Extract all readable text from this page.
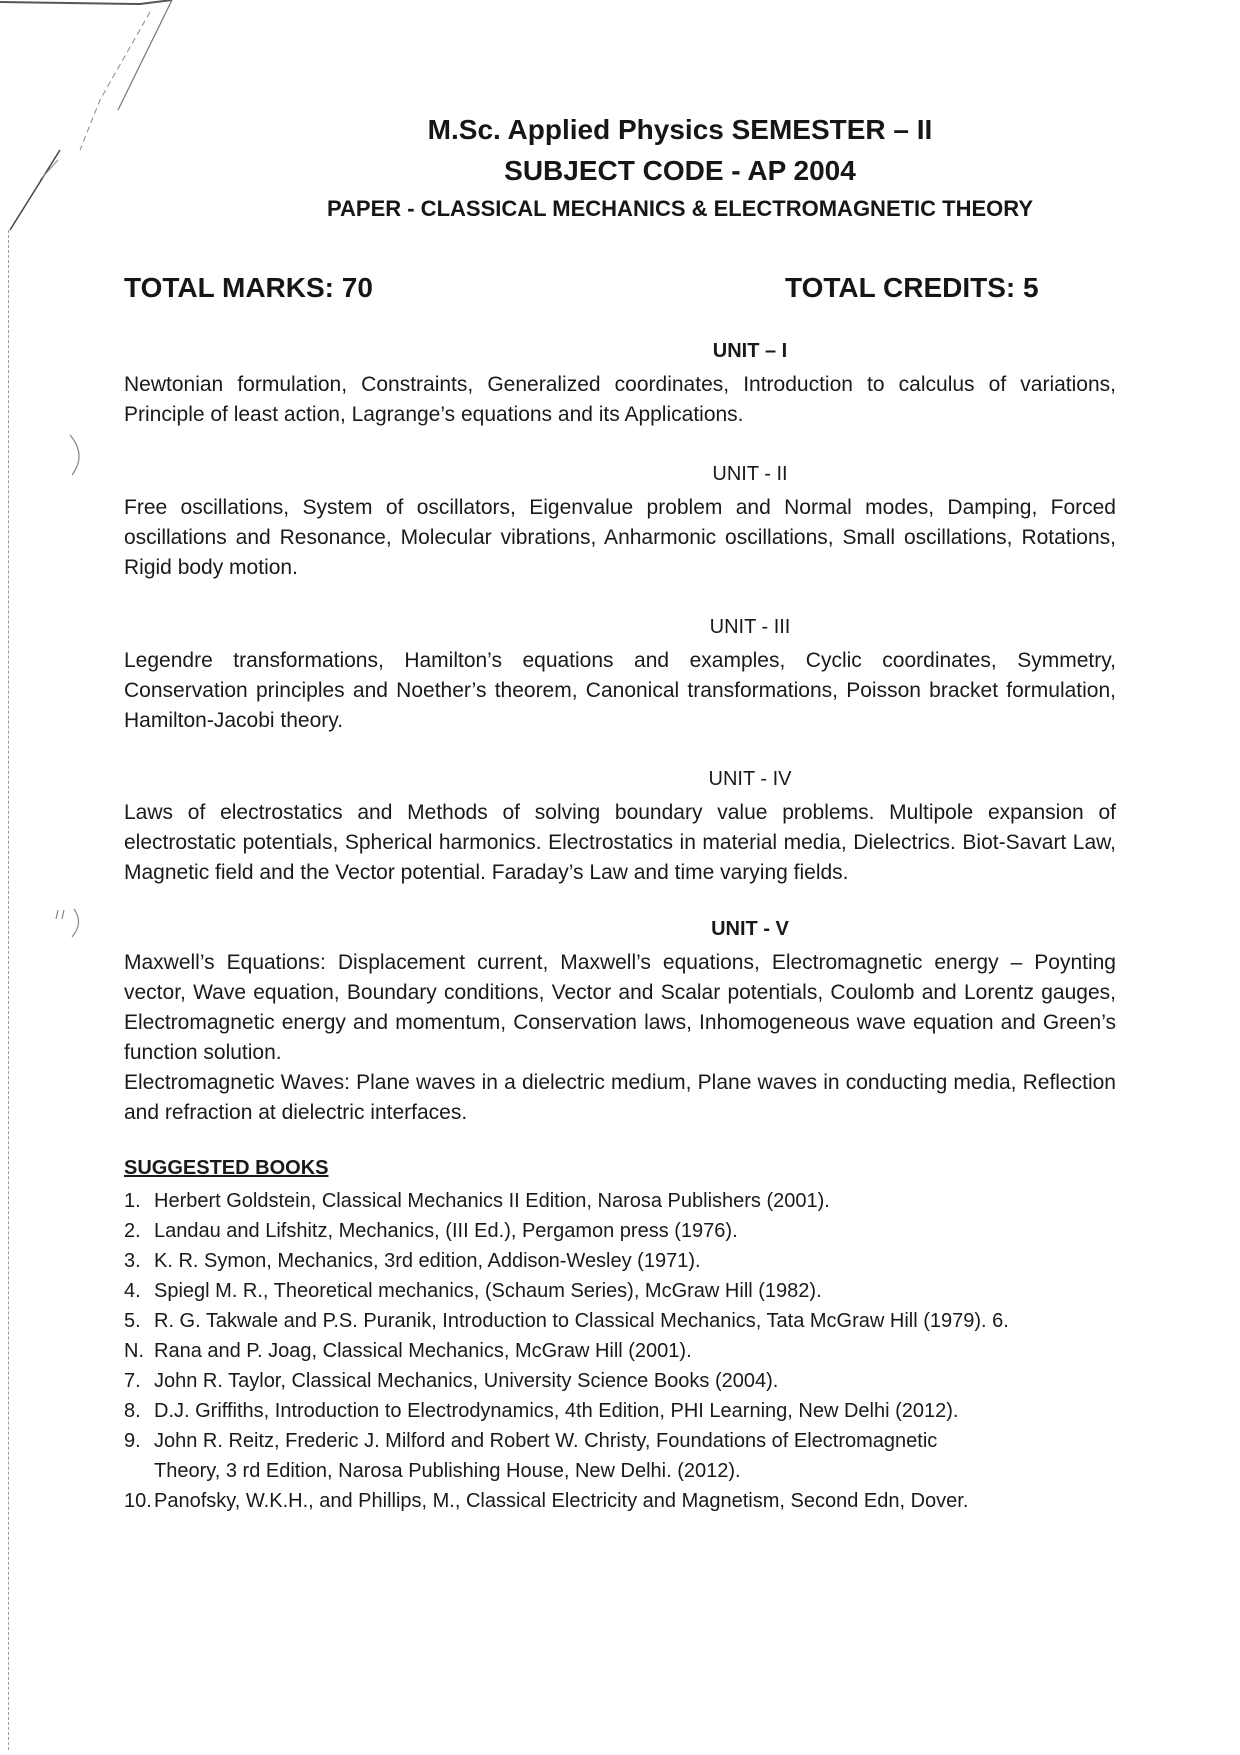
M.Sc. Applied Physics SEMESTER – II
SUBJECT CODE - AP 2004
PAPER - CLASSICAL MECHANICS & ELECTROMAGNETIC THEORY
TOTAL MARKS: 70	TOTAL CREDITS: 5
UNIT – I
Newtonian formulation, Constraints, Generalized coordinates, Introduction to calculus of variations, Principle of least action, Lagrange’s equations and its Applications.
UNIT - II
Free oscillations, System of oscillators, Eigenvalue problem and Normal modes, Damping, Forced oscillations and Resonance, Molecular vibrations, Anharmonic oscillations, Small oscillations, Rotations, Rigid body motion.
UNIT - III
Legendre transformations, Hamilton’s equations and examples, Cyclic coordinates, Symmetry, Conservation principles and Noether’s theorem, Canonical transformations, Poisson bracket formulation, Hamilton-Jacobi theory.
UNIT - IV
Laws of electrostatics and Methods of solving boundary value problems. Multipole expansion of electrostatic potentials, Spherical harmonics. Electrostatics in material media, Dielectrics. Biot-Savart Law, Magnetic field and the Vector potential. Faraday’s Law and time varying fields.
UNIT - V
Maxwell’s Equations: Displacement current, Maxwell’s equations, Electromagnetic energy – Poynting vector, Wave equation, Boundary conditions, Vector and Scalar potentials, Coulomb and Lorentz gauges, Electromagnetic energy and momentum, Conservation laws, Inhomogeneous wave equation and Green’s function solution.
Electromagnetic Waves: Plane waves in a dielectric medium, Plane waves in conducting media, Reflection and refraction at dielectric interfaces.
SUGGESTED BOOKS
1. Herbert Goldstein, Classical Mechanics II Edition, Narosa Publishers (2001).
2. Landau and Lifshitz, Mechanics, (III Ed.), Pergamon press (1976).
3. K. R. Symon, Mechanics, 3rd edition, Addison-Wesley (1971).
4. Spiegl M. R., Theoretical mechanics, (Schaum Series), McGraw Hill (1982).
5. R. G. Takwale and P.S. Puranik, Introduction to Classical Mechanics, Tata McGraw Hill (1979). 6.
N. Rana and P. Joag, Classical Mechanics, McGraw Hill (2001).
7. John R. Taylor, Classical Mechanics, University Science Books (2004).
8. D.J. Griffiths, Introduction to Electrodynamics, 4th Edition, PHI Learning, New Delhi (2012).
9. John R. Reitz, Frederic J. Milford and Robert W. Christy, Foundations of Electromagnetic
Theory, 3 rd Edition, Narosa Publishing House, New Delhi. (2012).
10. Panofsky, W.K.H., and Phillips, M., Classical Electricity and Magnetism, Second Edn, Dover.
